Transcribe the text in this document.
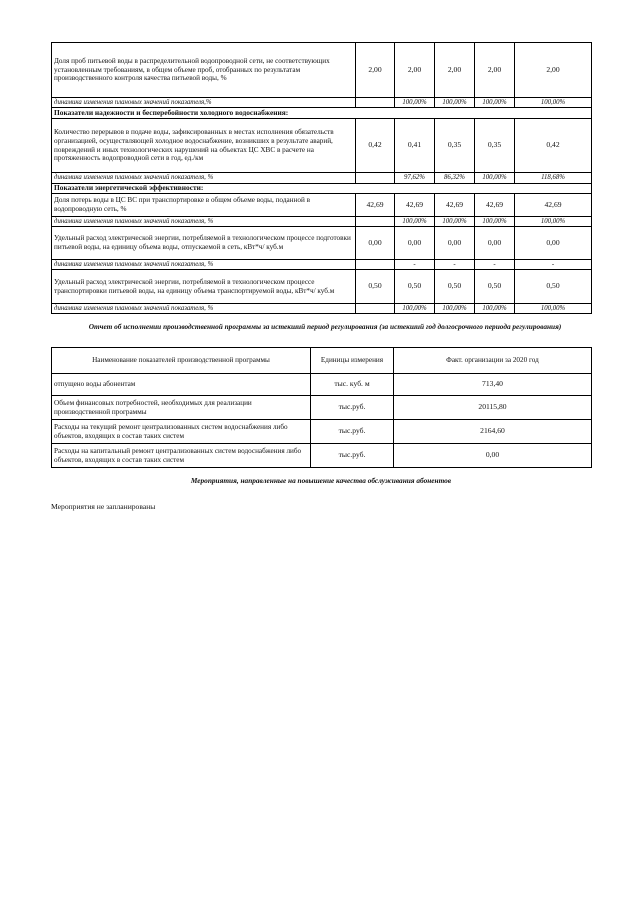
Доля проб питьевой воды в распределительной водопроводной сети, не соответствующих установленным требованиям, в общем объеме проб, отобранных по результатам производственного контроля качества питьевой воды, %	2,00	2,00	2,00	2,00	2,00
динамика изменения плановых значений показателя,%		100,00%	100,00%	100,00%	100,00%
Показатели надежности и бесперебойности холодного водоснабжения:					
Количество перерывов в подаче воды, зафиксированных в местах исполнения обязательств организацией, осуществляющей холодное водоснабжение, возникших в результате аварий, повреждений и иных технологических нарушений на объектах ЦС ХВС в расчете на протяженность водопроводной сети в год, ед./км	0,42	0,41	0,35	0,35	0,42
динамика изменения плановых значений показателя, %		97,62%	86,32%	100,00%	118,68%
Показатели энергетической эффективности:					
Доля потерь воды в ЦС ВС при транспортировке в общем объеме воды, поданной в водопроводную сеть, %	42,69	42,69	42,69	42,69	42,69
динамика изменения плановых значений показателя, %		100,00%	100,00%	100,00%	100,00%
Удельный расход электрической энергии, потребляемой в технологическом процессе подготовки питьевой воды, на единицу объема воды, отпускаемой в сеть, кВт*ч/ куб.м	0,00	0,00	0,00	0,00	0,00
динамика изменения плановых значений показателя, %		-	-	-	-
Удельный расход электрической энергии, потребляемой в технологическом процессе транспортировки питьевой воды, на единицу объема транспортируемой воды, кВт*ч/ куб.м	0,50	0,50	0,50	0,50	0,50
динамика изменения плановых значений показателя, %		100,00%	100,00%	100,00%	100,00%
Отчет об исполнении производственной программы за истекший период регулирования (за истекший год долгосрочного периода регулирования)
Наименование показателей производственной программы	Единицы измерения	Факт. организации за 2020 год
отпущено воды абонентам	тыс. куб. м	713,40
Объем финансовых потребностей, необходимых для реализации производственной программы	тыс.руб.	20115,80
Расходы на текущий ремонт централизованных систем водоснабжения либо объектов, входящих в состав таких систем	тыс.руб.	2164,60
Расходы на капитальный ремонт централизованных систем водоснабжения либо объектов, входящих в состав таких систем	тыс.руб.	0,00
Мероприятия, направленные на повышение качества обслуживания абонентов
Мероприятия не запланированы
